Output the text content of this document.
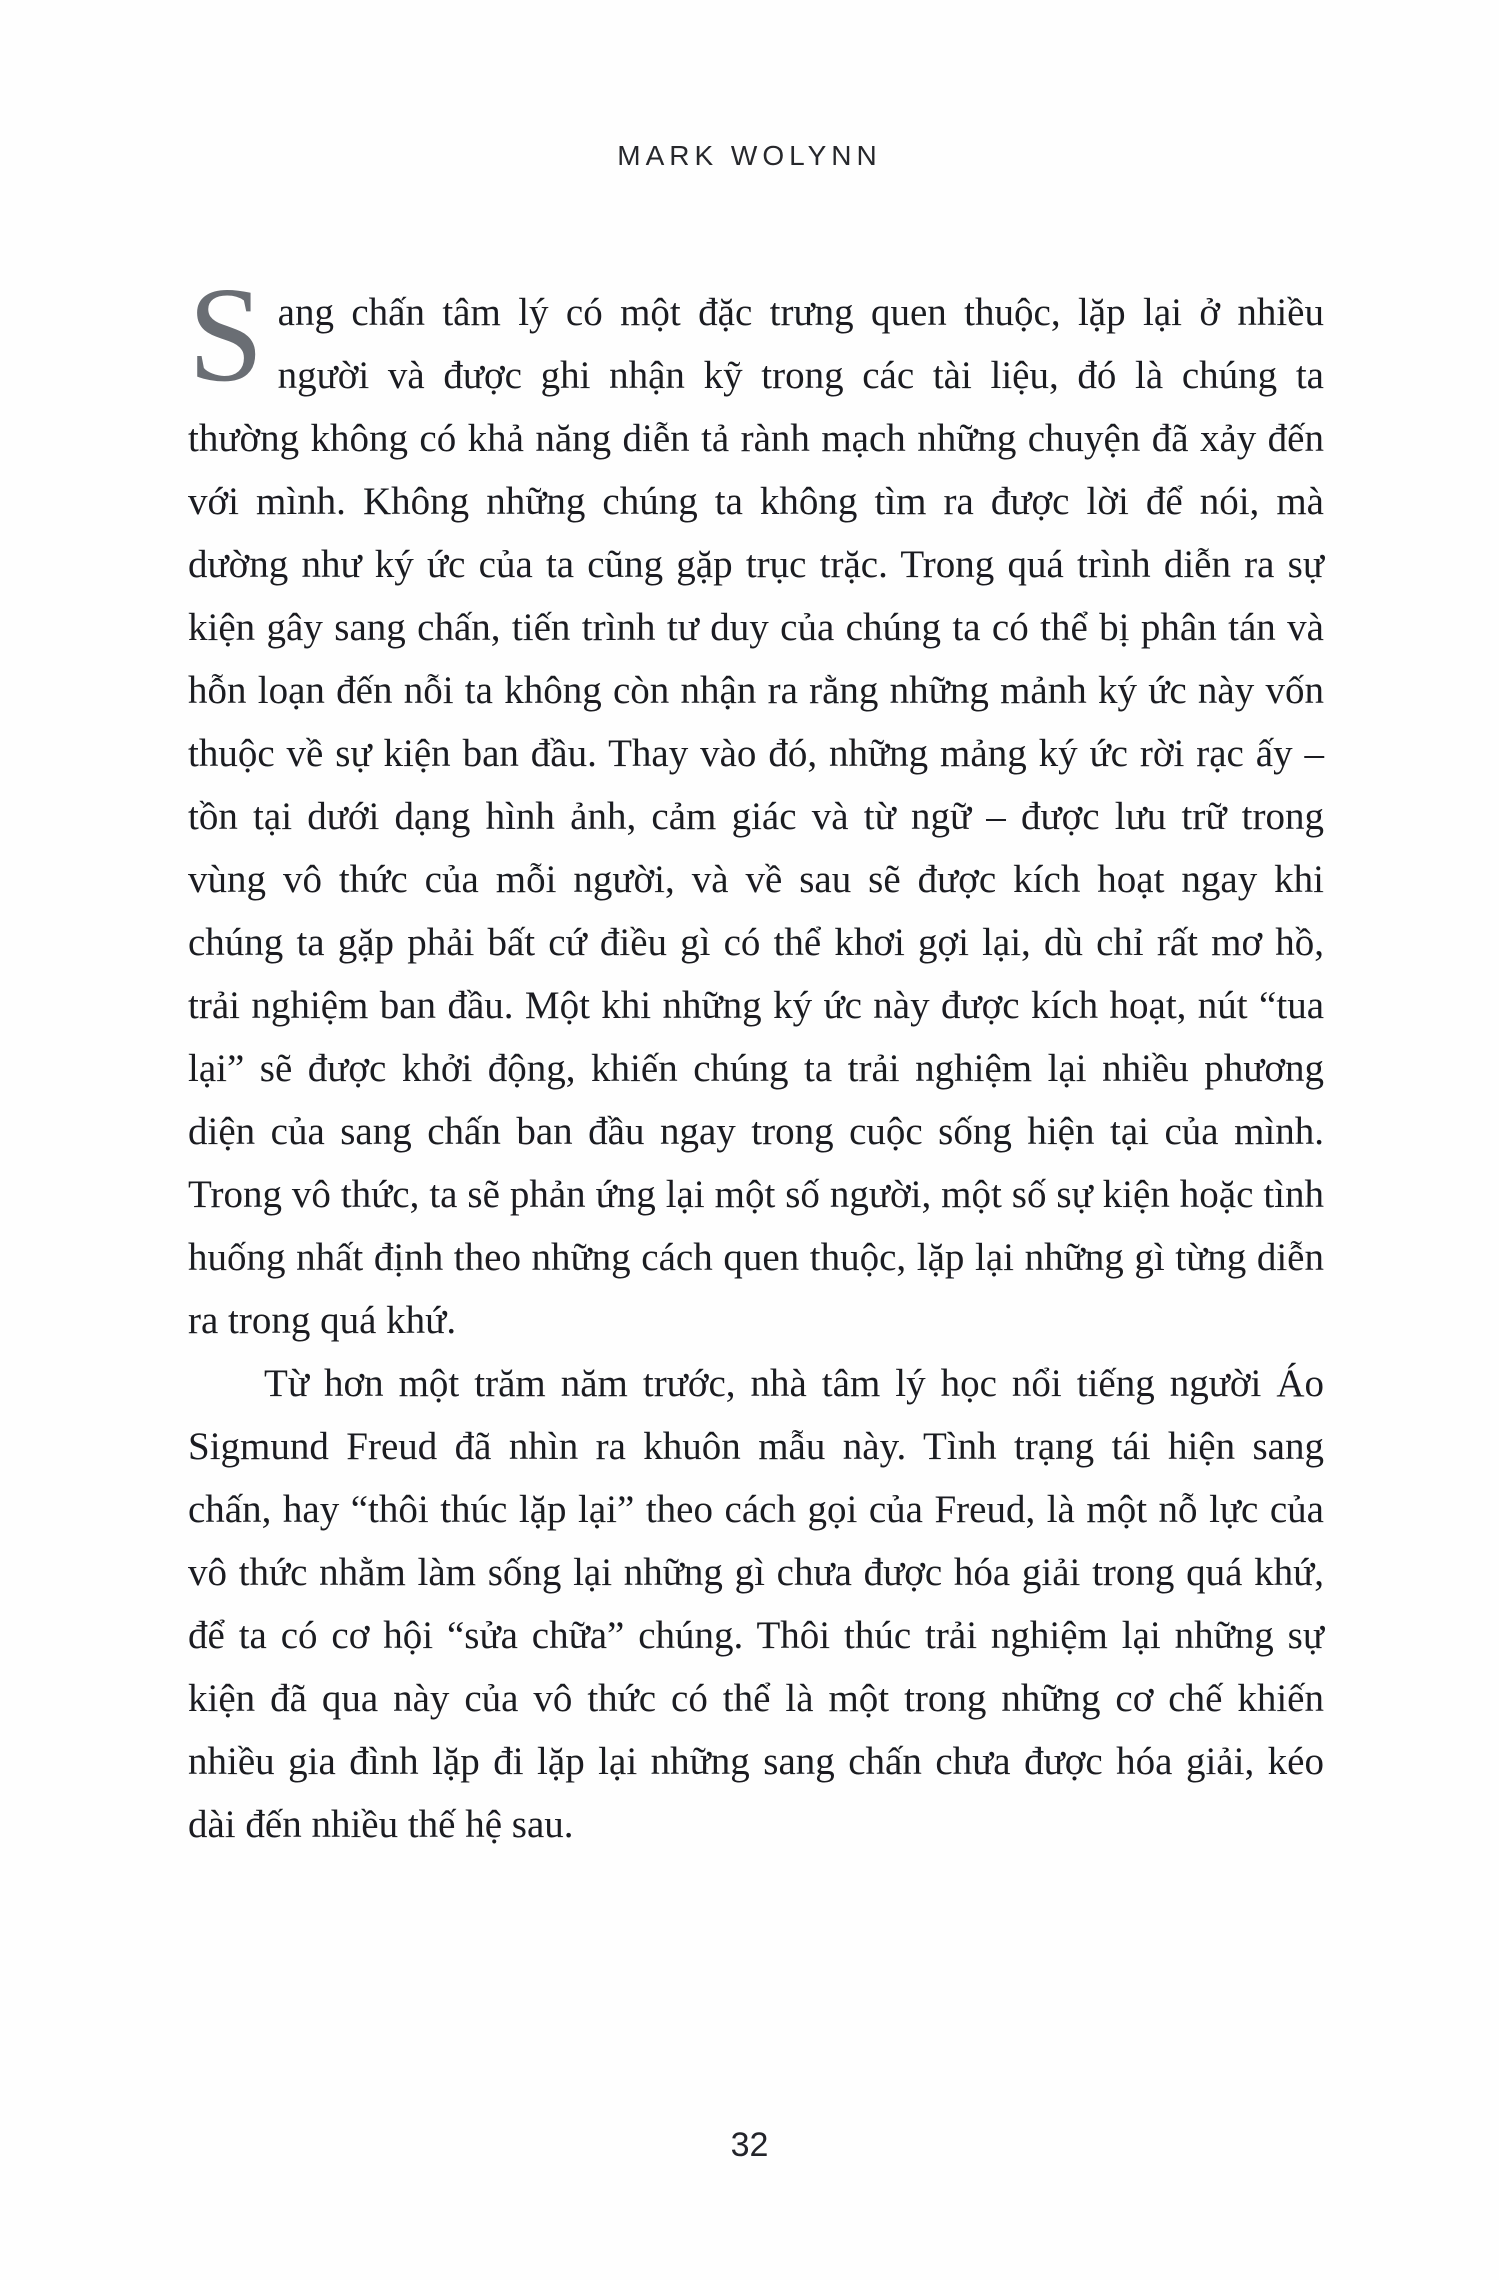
MARK WOLYNN

Sang chấn tâm lý có một đặc trưng quen thuộc, lặp lại ở nhiều người và được ghi nhận kỹ trong các tài liệu, đó là chúng ta thường không có khả năng diễn tả rành mạch những chuyện đã xảy đến với mình. Không những chúng ta không tìm ra được lời để nói, mà dường như ký ức của ta cũng gặp trục trặc. Trong quá trình diễn ra sự kiện gây sang chấn, tiến trình tư duy của chúng ta có thể bị phân tán và hỗn loạn đến nỗi ta không còn nhận ra rằng những mảnh ký ức này vốn thuộc về sự kiện ban đầu. Thay vào đó, những mảng ký ức rời rạc ấy – tồn tại dưới dạng hình ảnh, cảm giác và từ ngữ – được lưu trữ trong vùng vô thức của mỗi người, và về sau sẽ được kích hoạt ngay khi chúng ta gặp phải bất cứ điều gì có thể khơi gợi lại, dù chỉ rất mơ hồ, trải nghiệm ban đầu. Một khi những ký ức này được kích hoạt, nút “tua lại” sẽ được khởi động, khiến chúng ta trải nghiệm lại nhiều phương diện của sang chấn ban đầu ngay trong cuộc sống hiện tại của mình. Trong vô thức, ta sẽ phản ứng lại một số người, một số sự kiện hoặc tình huống nhất định theo những cách quen thuộc, lặp lại những gì từng diễn ra trong quá khứ.

Từ hơn một trăm năm trước, nhà tâm lý học nổi tiếng người Áo Sigmund Freud đã nhìn ra khuôn mẫu này. Tình trạng tái hiện sang chấn, hay “thôi thúc lặp lại” theo cách gọi của Freud, là một nỗ lực của vô thức nhằm làm sống lại những gì chưa được hóa giải trong quá khứ, để ta có cơ hội “sửa chữa” chúng. Thôi thúc trải nghiệm lại những sự kiện đã qua này của vô thức có thể là một trong những cơ chế khiến nhiều gia đình lặp đi lặp lại những sang chấn chưa được hóa giải, kéo dài đến nhiều thế hệ sau.

32
